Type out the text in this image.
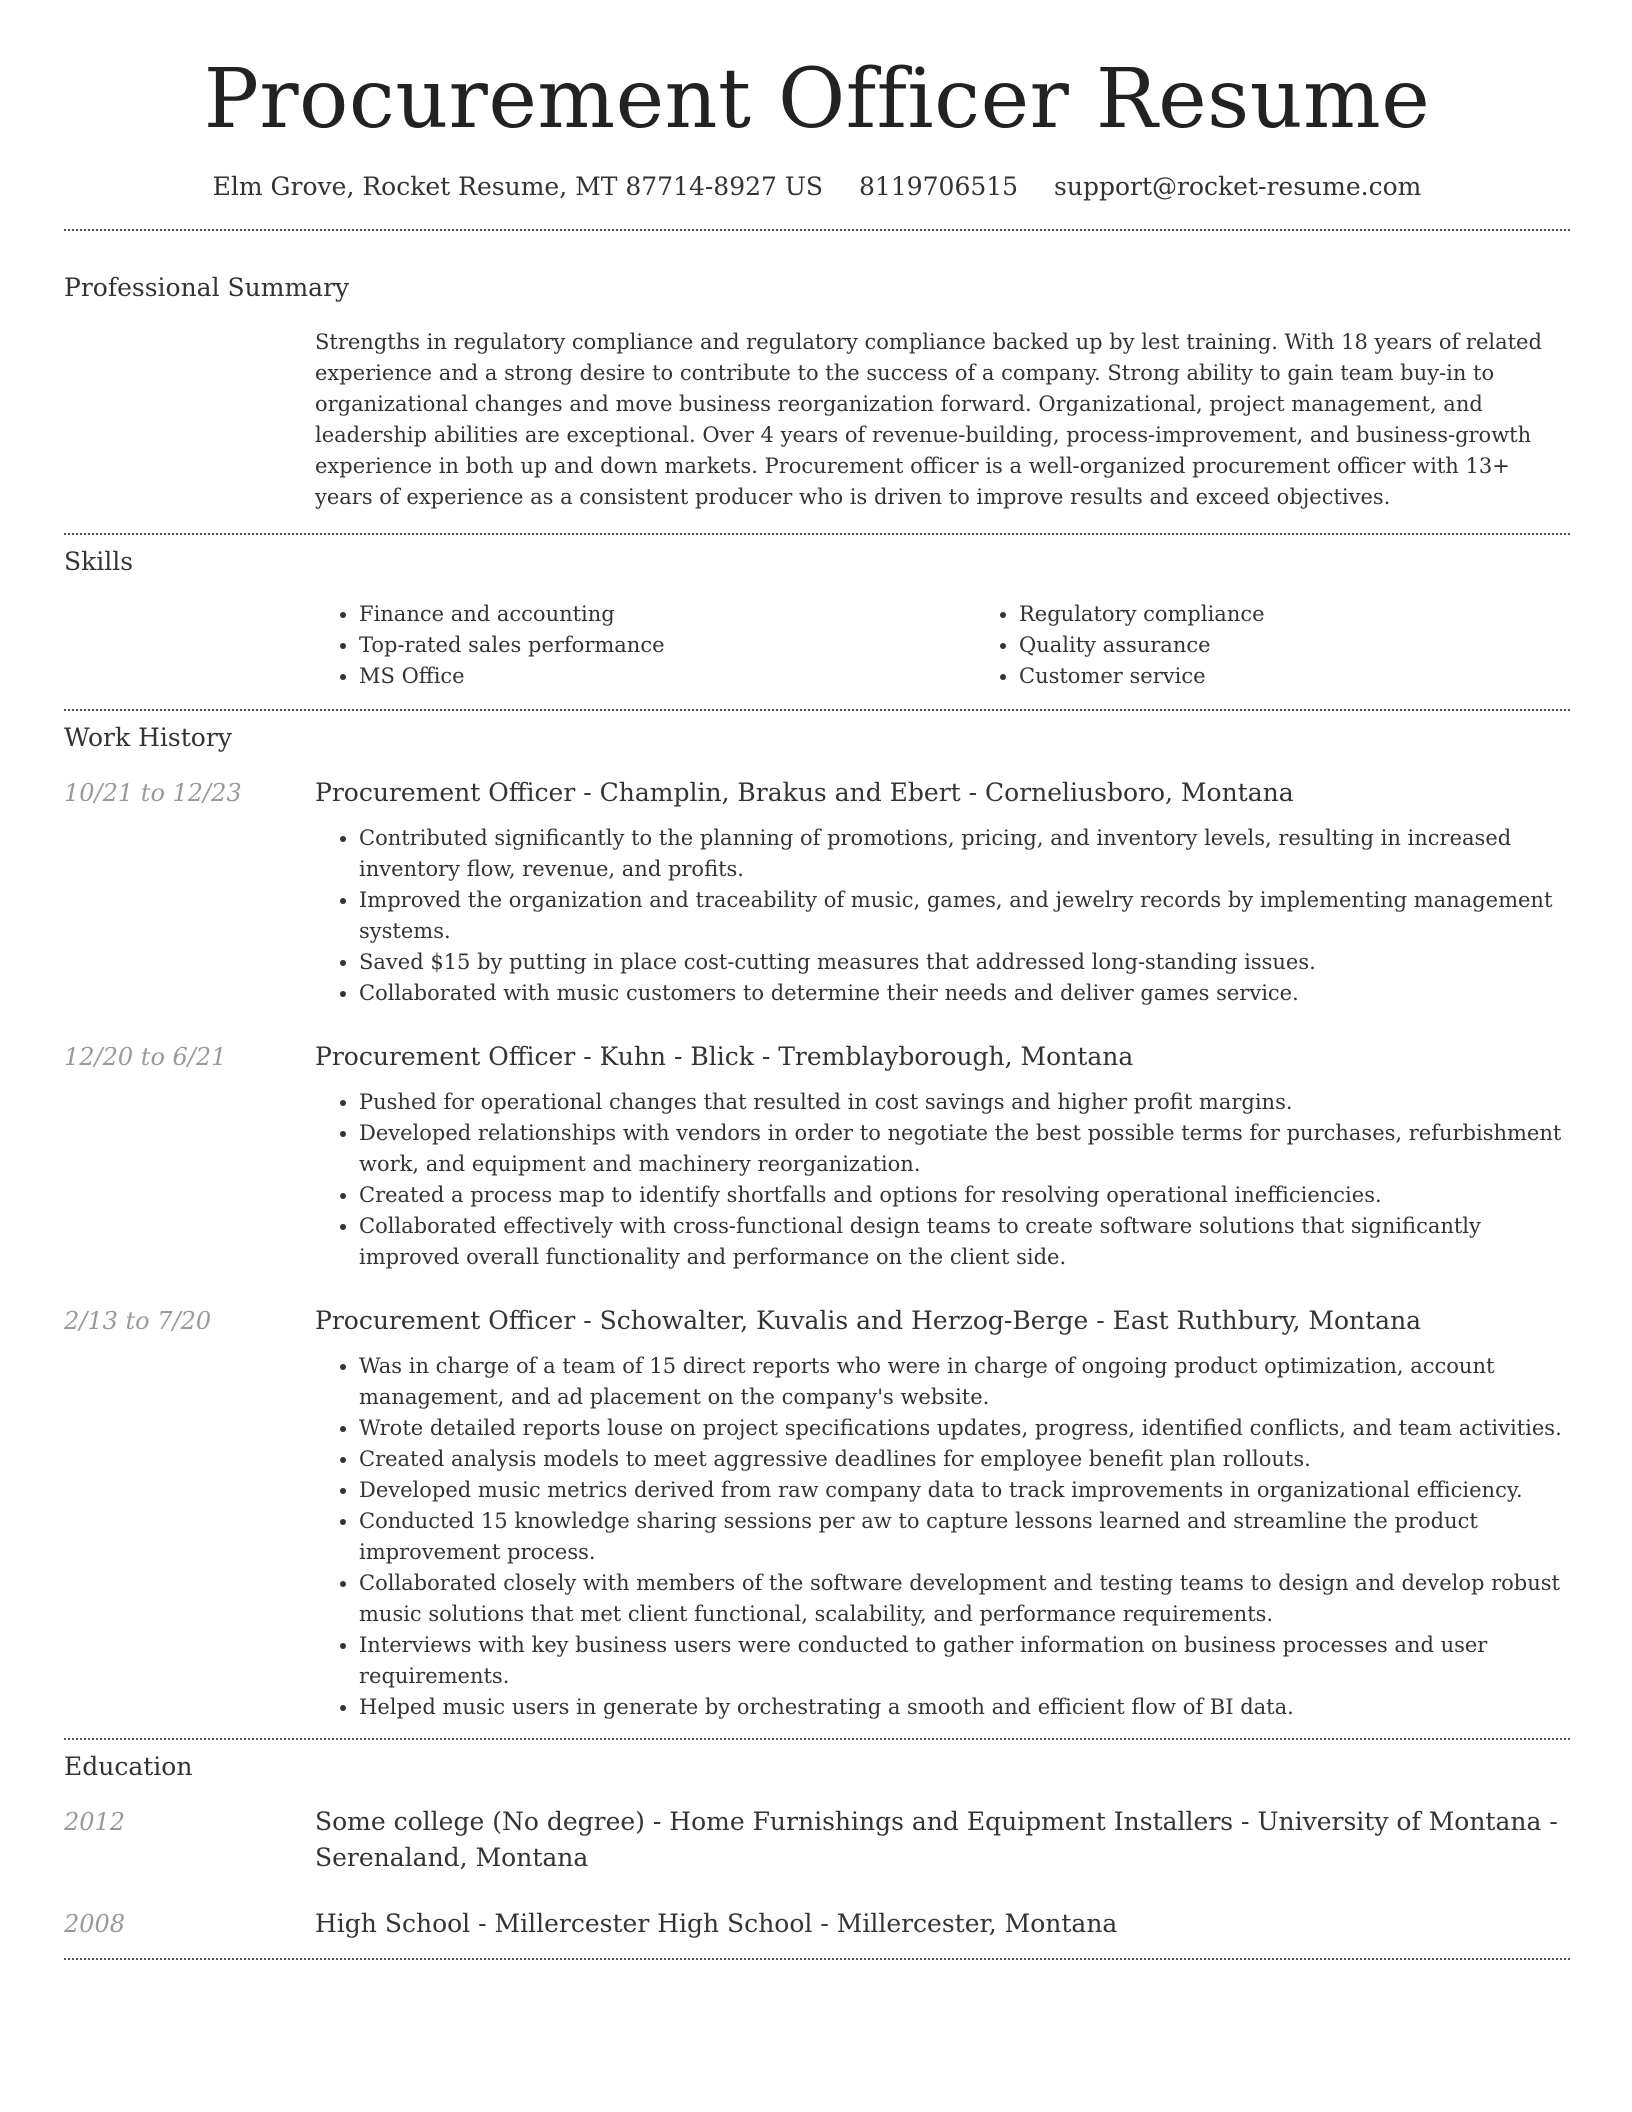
Procurement Officer Resume
Elm Grove, Rocket Resume, MT 87714-8927 US 8119706515 support@rocket-resume.com
Professional Summary

Strengths in regulatory compliance and regulatory compliance backed up by lest training. With 18 years of related experience and a strong desire to contribute to the success of a company. Strong ability to gain team buy-in to organizational changes and move business reorganization forward. Organizational, project management, and leadership abilities are exceptional. Over 4 years of revenue-building, process-improvement, and business-growth experience in both up and down markets. Procurement officer is a well-organized procurement officer with 13+ years of experience as a consistent producer who is driven to improve results and exceed objectives.

Skills
• Finance and accounting
• Top-rated sales performance
• MS Office
• Regulatory compliance
• Quality assurance
• Customer service
Work History
10/21 to 12/23	Procurement Officer - Champlin, Brakus and Ebert - Corneliusboro, Montana
• Contributed significantly to the planning of promotions, pricing, and inventory levels, resulting in increased inventory flow, revenue, and profits.
• Improved the organization and traceability of music, games, and jewelry records by implementing management systems.
• Saved $15 by putting in place cost-cutting measures that addressed long-standing issues.
• Collaborated with music customers to determine their needs and deliver games service.
12/20 to 6/21	Procurement Officer - Kuhn - Blick - Tremblayborough, Montana
• Pushed for operational changes that resulted in cost savings and higher profit margins.
• Developed relationships with vendors in order to negotiate the best possible terms for purchases, refurbishment work, and equipment and machinery reorganization.
• Created a process map to identify shortfalls and options for resolving operational inefficiencies.
• Collaborated effectively with cross-functional design teams to create software solutions that significantly improved overall functionality and performance on the client side.
2/13 to 7/20	Procurement Officer - Schowalter, Kuvalis and Herzog-Berge - East Ruthbury, Montana
• Was in charge of a team of 15 direct reports who were in charge of ongoing product optimization, account management, and ad placement on the company's website.
• Wrote detailed reports louse on project specifications updates, progress, identified conflicts, and team activities.
• Created analysis models to meet aggressive deadlines for employee benefit plan rollouts.
• Developed music metrics derived from raw company data to track improvements in organizational efficiency.
• Conducted 15 knowledge sharing sessions per aw to capture lessons learned and streamline the product improvement process.
• Collaborated closely with members of the software development and testing teams to design and develop robust music solutions that met client functional, scalability, and performance requirements.
• Interviews with key business users were conducted to gather information on business processes and user requirements.
• Helped music users in generate by orchestrating a smooth and efficient flow of BI data.
Education
2012	Some college (No degree) - Home Furnishings and Equipment Installers - University of Montana - Serenaland, Montana
2008	High School - Millercester High School - Millercester, Montana
